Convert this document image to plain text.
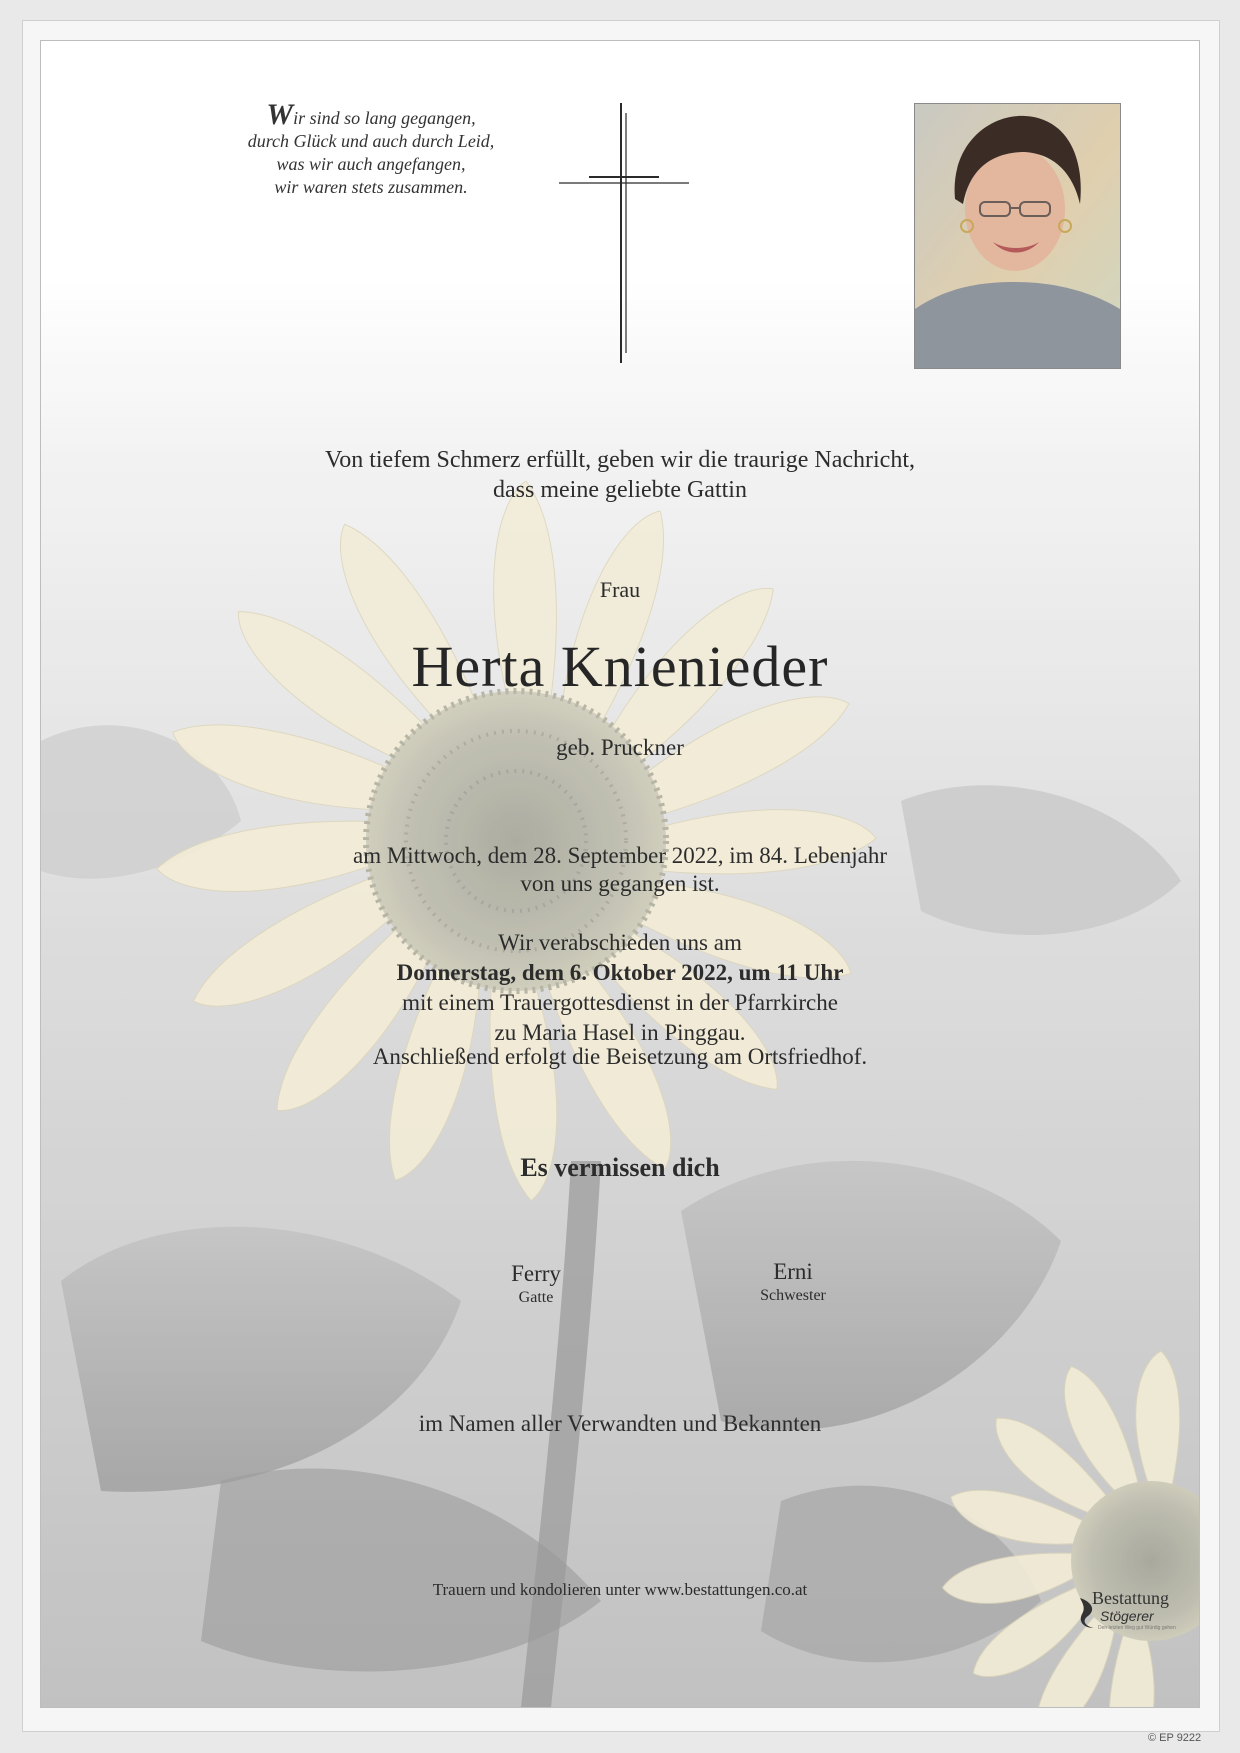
Wir sind so lang gegangen,
durch Glück und auch durch Leid,
was wir auch angefangen,
wir waren stets zusammen.
Von tiefem Schmerz erfüllt, geben wir die traurige Nachricht,
dass meine geliebte Gattin
Frau
Herta Knienieder
geb. Pruckner
am Mittwoch, dem 28. September 2022, im 84. Lebenjahr
von uns gegangen ist.
Wir verabschieden uns am
Donnerstag, dem 6. Oktober 2022, um 11 Uhr
mit einem Trauergottesdienst in der Pfarrkirche
zu Maria Hasel in Pinggau.
Anschließend erfolgt die Beisetzung am Ortsfriedhof.
Es vermissen dich
Ferry
Gatte
Erni
Schwester
im Namen aller Verwandten und Bekannten
Trauern und kondolieren unter www.bestattungen.co.at	Bestattung
Stögerer
Den letzten Weg gut Würdig gehen
© EP 9222
